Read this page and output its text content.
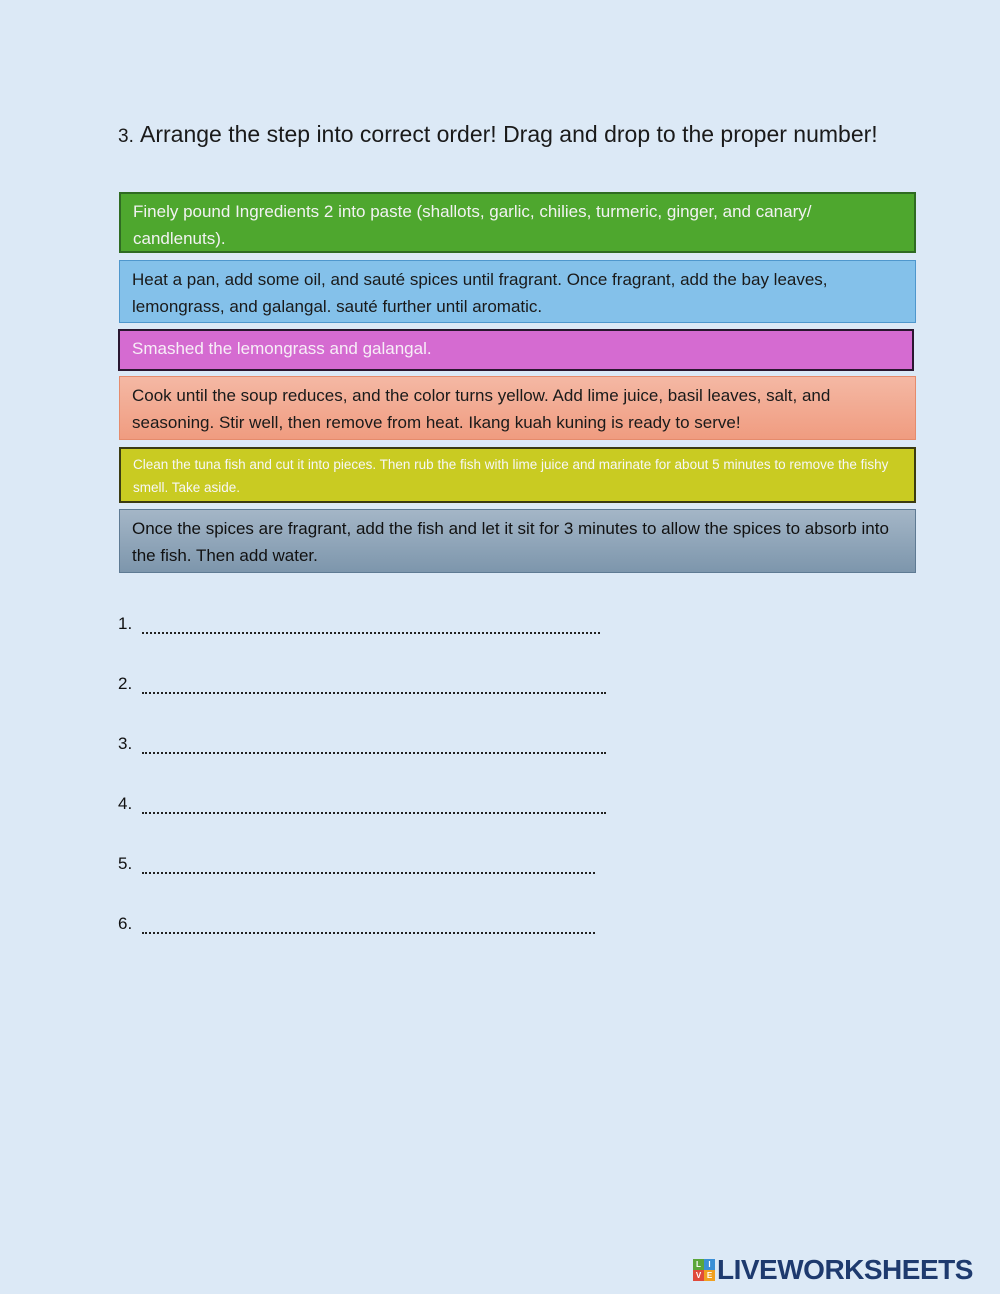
3. Arrange the step into correct order! Drag and drop to the proper number!
Finely pound Ingredients 2 into paste (shallots, garlic, chilies, turmeric, ginger, and canary/ candlenuts).
Heat a pan, add some oil, and sauté spices until fragrant. Once fragrant, add the bay leaves, lemongrass, and galangal. sauté further until aromatic.
Smashed the lemongrass and galangal.
Cook until the soup reduces, and the color turns yellow. Add lime juice, basil leaves, salt, and seasoning. Stir well, then remove from heat. Ikang kuah kuning is ready to serve!
Clean the tuna fish and cut it into pieces. Then rub the fish with lime juice and marinate for about 5 minutes to remove the fishy smell. Take aside.
Once the spices are fragrant, add the fish and let it sit for 3 minutes to allow the spices to absorb into the fish. Then add water.
1.
2.
3.
4.
5.
6.
L I
V E LIVEWORKSHEETS
